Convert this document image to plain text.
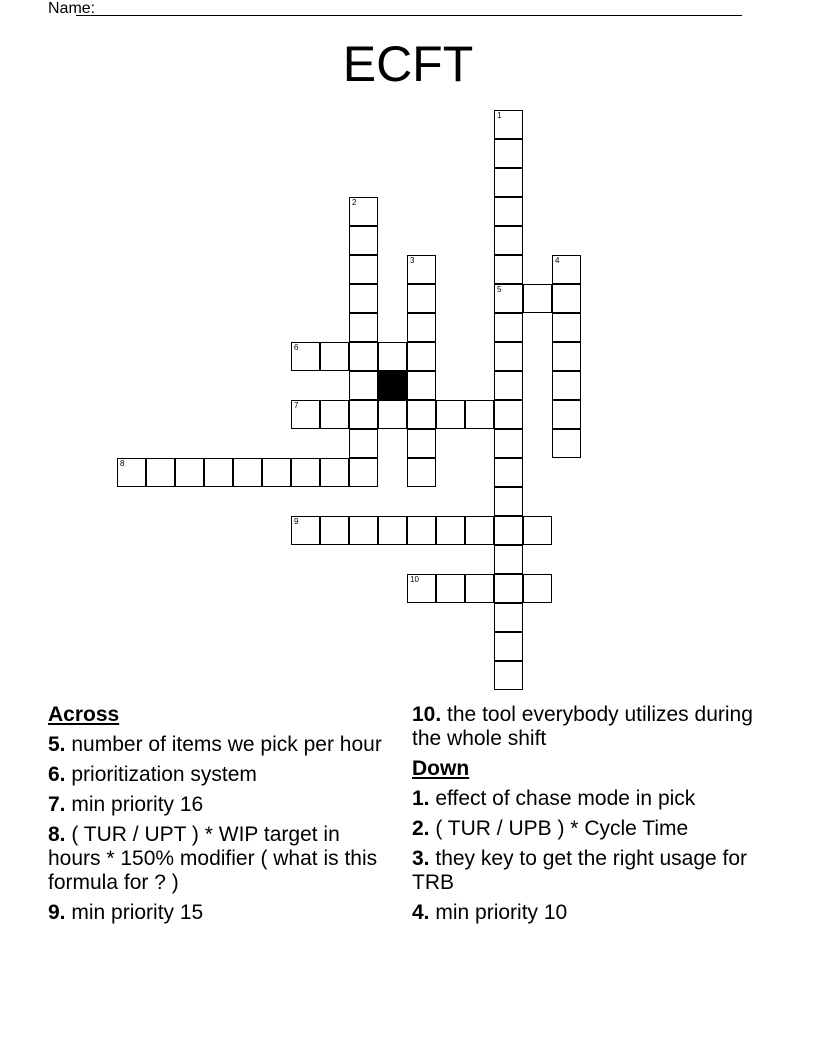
Name:
ECFT
1
5
2
3	4
6
7
8
9
10
Across
5. number of items we pick per hour
6. prioritization system
7. min priority 16
8. ( TUR / UPT ) * WIP target in hours * 150% modifier ( what is this formula for ? )
9. min priority 15
10. the tool everybody utilizes during the whole shift
Down
1. effect of chase mode in pick
2. ( TUR / UPB ) * Cycle Time
3. they key to get the right usage for TRB
4. min priority 10
